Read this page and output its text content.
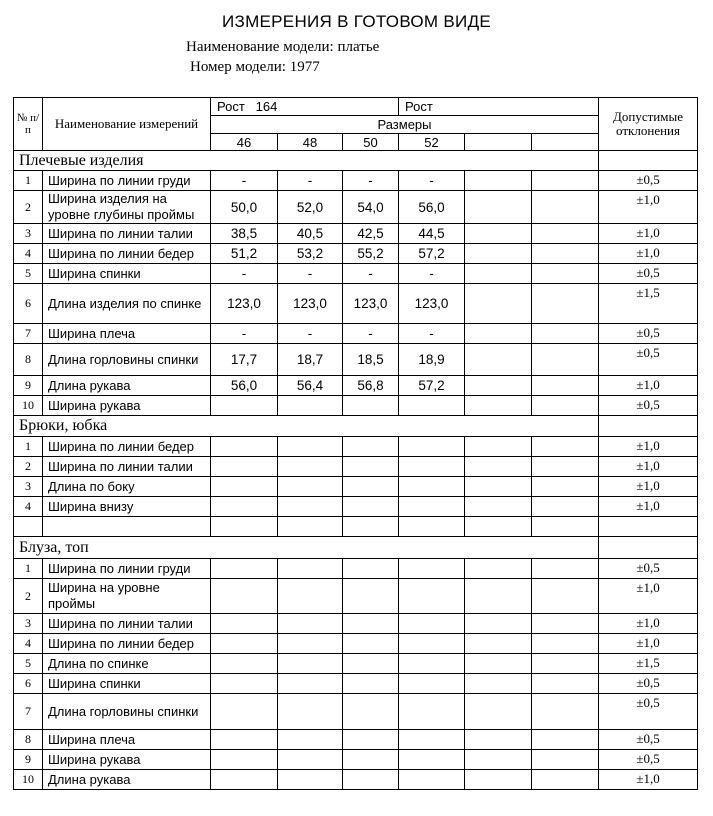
ИЗМЕРЕНИЯ В ГОТОВОМ ВИДЕ
Наименование модели: платье
Номер модели: 1977
№ п/п	Наименование измерений	Рост   164			Рост			Допустимые отклонения
		Размеры						
		46	48	50	52			
Плечевые изделия								
1	Ширина по линии груди	-	-	-	-			±0,5
2	Ширина изделия на уровне глубины проймы	50,0	52,0	54,0	56,0			±1,0
3	Ширина по линии талии	38,5	40,5	42,5	44,5			±1,0
4	Ширина по линии бедер	51,2	53,2	55,2	57,2			±1,0
5	Ширина спинки	-	-	-	-			±0,5
6	Длина изделия по спинке	123,0	123,0	123,0	123,0			±1,5
7	Ширина плеча	-	-	-	-			±0,5
8	Длина горловины спинки	17,7	18,7	18,5	18,9			±0,5
9	Длина рукава	56,0	56,4	56,8	57,2			±1,0
10	Ширина рукава							±0,5
Брюки, юбка								
1	Ширина по линии бедер							±1,0
2	Ширина по линии талии							±1,0
3	Длина по боку							±1,0
4	Ширина внизу							±1,0

Блуза, топ								
1	Ширина по линии груди							±0,5
2	Ширина на уровне проймы							±1,0
3	Ширина по линии талии							±1,0
4	Ширина по линии бедер							±1,0
5	Длина по спинке							±1,5
6	Ширина спинки							±0,5
7	Длина горловины спинки							±0,5
8	Ширина плеча							±0,5
9	Ширина рукава							±0,5
10	Длина рукава							±1,0
